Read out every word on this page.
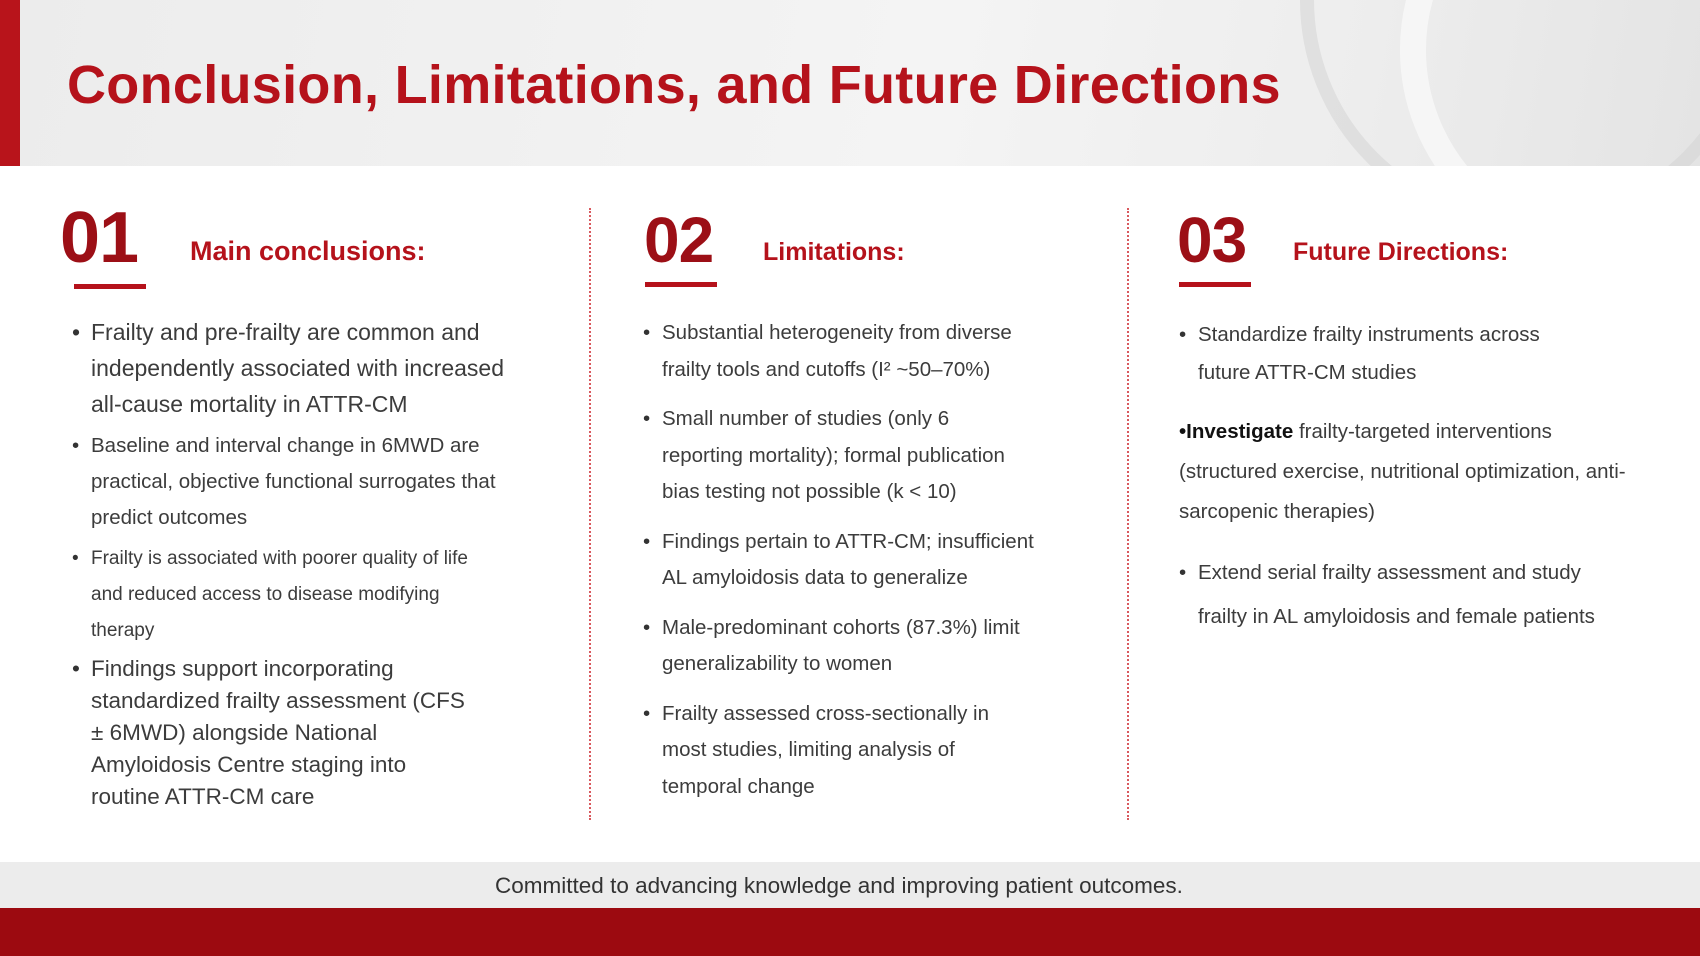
Conclusion, Limitations, and Future Directions
01 Main conclusions:
• Frailty and pre-frailty are common and independently associated with increased all-cause mortality in ATTR-CM
• Baseline and interval change in 6MWD are practical, objective functional surrogates that predict outcomes
• Frailty is associated with poorer quality of life and reduced access to disease modifying therapy
• Findings support incorporating standardized frailty assessment (CFS ± 6MWD) alongside National Amyloidosis Centre staging into routine ATTR-CM care
02 Limitations:
• Substantial heterogeneity from diverse frailty tools and cutoffs (I² ~50–70%)
• Small number of studies (only 6 reporting mortality); formal publication bias testing not possible (k < 10)
• Findings pertain to ATTR-CM; insufficient AL amyloidosis data to generalize
• Male-predominant cohorts (87.3%) limit generalizability to women
• Frailty assessed cross-sectionally in most studies, limiting analysis of temporal change
03 Future Directions:
• Standardize frailty instruments across future ATTR-CM studies
•Investigate frailty-targeted interventions (structured exercise, nutritional optimization, anti-sarcopenic therapies)
• Extend serial frailty assessment and study frailty in AL amyloidosis and female patients
Committed to advancing knowledge and improving patient outcomes.
